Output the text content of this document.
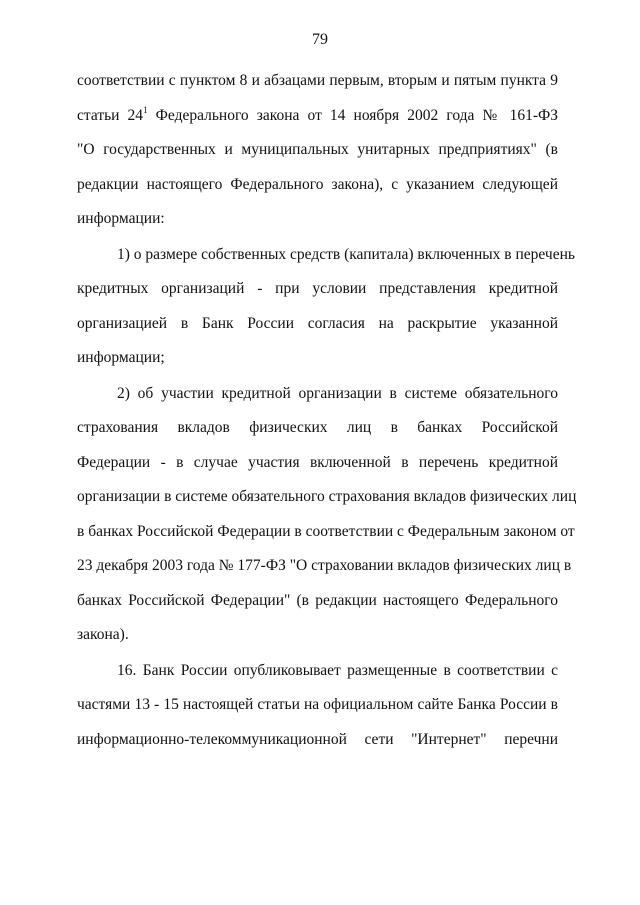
79

соответствии с пунктом 8 и абзацами первым, вторым и пятым пункта 9
статьи $24^1$ Федерального закона от 14 ноября 2002 года № 161-ФЗ
"О государственных и муниципальных унитарных предприятиях" (в
редакции настоящего Федерального закона), с указанием следующей
информации:

1) о размере собственных средств (капитала) включенных в перечень
кредитных организаций - при условии представления кредитной
организацией в Банк России согласия на раскрытие указанной
информации;

2) об участии кредитной организации в системе обязательного
страхования вкладов физических лиц в банках Российской
Федерации - в случае участия включенной в перечень кредитной
организации в системе обязательного страхования вкладов физических лиц
в банках Российской Федерации в соответствии с Федеральным законом от
23 декабря 2003 года № 177-ФЗ "О страховании вкладов физических лиц в
банках Российской Федерации" (в редакции настоящего Федерального
закона).

16. Банк России опубликовывает размещенные в соответствии с
частями 13 - 15 настоящей статьи на официальном сайте Банка России в
информационно-телекоммуникационной сети "Интернет" перечни
